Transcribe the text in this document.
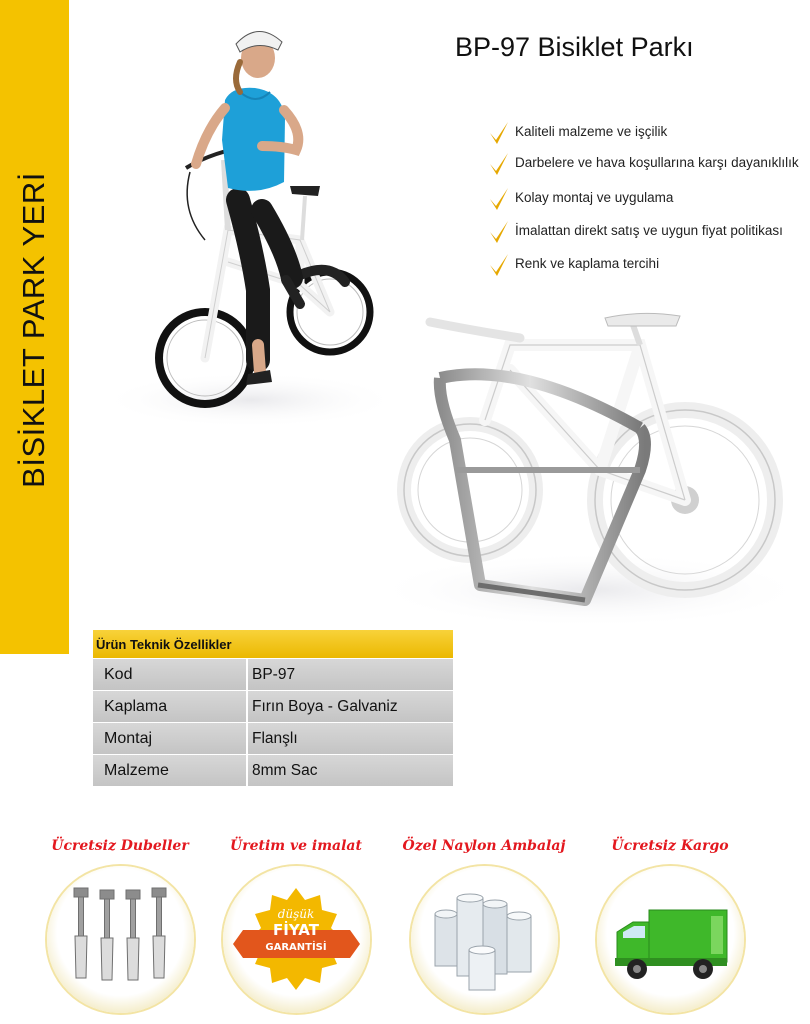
BİSİKLET PARK YERİ
BP-97 Bisiklet Parkı
Kaliteli malzeme ve işçilik
Darbelere ve hava koşullarına karşı dayanıklılık
Kolay montaj ve uygulama
İmalattan direkt satış ve uygun fiyat politikası
Renk ve kaplama tercihi
Ürün Teknik Özellikler
Kod	BP-97
Kaplama	Fırın Boya - Galvaniz
Montaj	Flanşlı
Malzeme	8mm Sac
Ücretsiz Dubeller	Üretim ve imalat
düşük
FİYAT
GARANTİSİ
Özel Naylon Ambalaj	Ücretsiz Kargo
